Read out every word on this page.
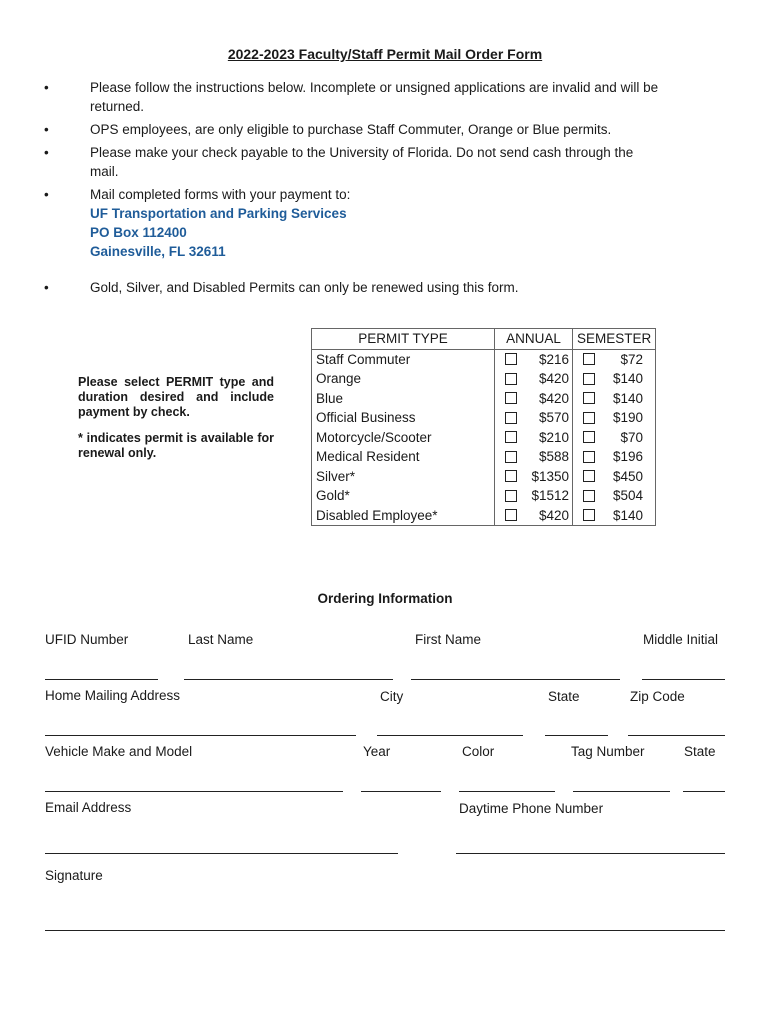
2022-2023 Faculty/Staff Permit Mail Order Form
•	Please follow the instructions below. Incomplete or unsigned applications are invalid and will be returned.
•	OPS employees, are only eligible to purchase Staff Commuter, Orange or Blue permits.
•	Please make your check payable to the University of Florida. Do not send cash through the mail.
•	Mail completed forms with your payment to:
UF Transportation and Parking Services
PO Box 112400
Gainesville, FL 32611
•	Gold, Silver, and Disabled Permits can only be renewed using this form.
Please select PERMIT type and duration desired and include payment by check.
* indicates permit is available for renewal only.
PERMIT TYPE	ANNUAL	SEMESTER
Staff Commuter	$216	$72

Orange	$420	$140

Blue	$420	$140

Official Business	$570	$190

Motorcycle/Scooter	$210	$70

Medical Resident	$588	$196

Silver*	$1350	$450

Gold*	$1512	$504

Disabled Employee*	$420	$140
Ordering Information
UFID Number	Last Name	First Name	Middle Initial
Home Mailing Address	City	State	Zip Code
Vehicle Make and Model	Year	Color	Tag Number	State
Email Address	Daytime Phone Number
Signature
